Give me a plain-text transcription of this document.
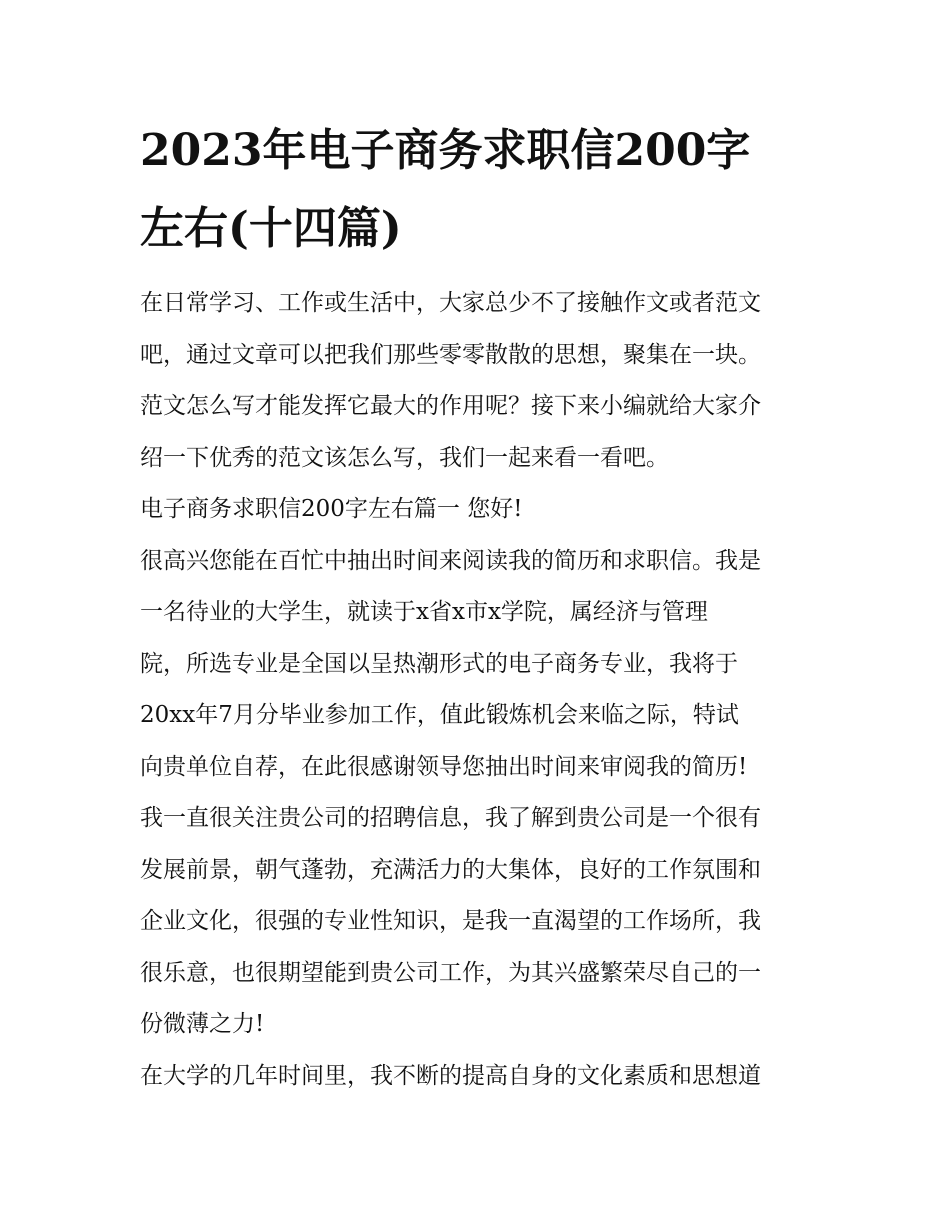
2023年电子商务求职信200字
左右(十四篇)

在日常学习、工作或生活中，大家总少不了接触作文或者范文
吧，通过文章可以把我们那些零零散散的思想，聚集在一块。
范文怎么写才能发挥它最大的作用呢？接下来小编就给大家介
绍一下优秀的范文该怎么写，我们一起来看一看吧。

电子商务求职信200字左右篇一 您好!

很高兴您能在百忙中抽出时间来阅读我的简历和求职信。我是
一名待业的大学生，就读于x省x市x学院，属经济与管理
院，所选专业是全国以呈热潮形式的电子商务专业，我将于
20xx年7月分毕业参加工作，值此锻炼机会来临之际，特试
向贵单位自荐，在此很感谢领导您抽出时间来审阅我的简历!

我一直很关注贵公司的招聘信息，我了解到贵公司是一个很有
发展前景，朝气蓬勃，充满活力的大集体，良好的工作氛围和
企业文化，很强的专业性知识，是我一直渴望的工作场所，我
很乐意，也很期望能到贵公司工作，为其兴盛繁荣尽自己的一
份微薄之力!

在大学的几年时间里，我不断的提高自身的文化素质和思想道
